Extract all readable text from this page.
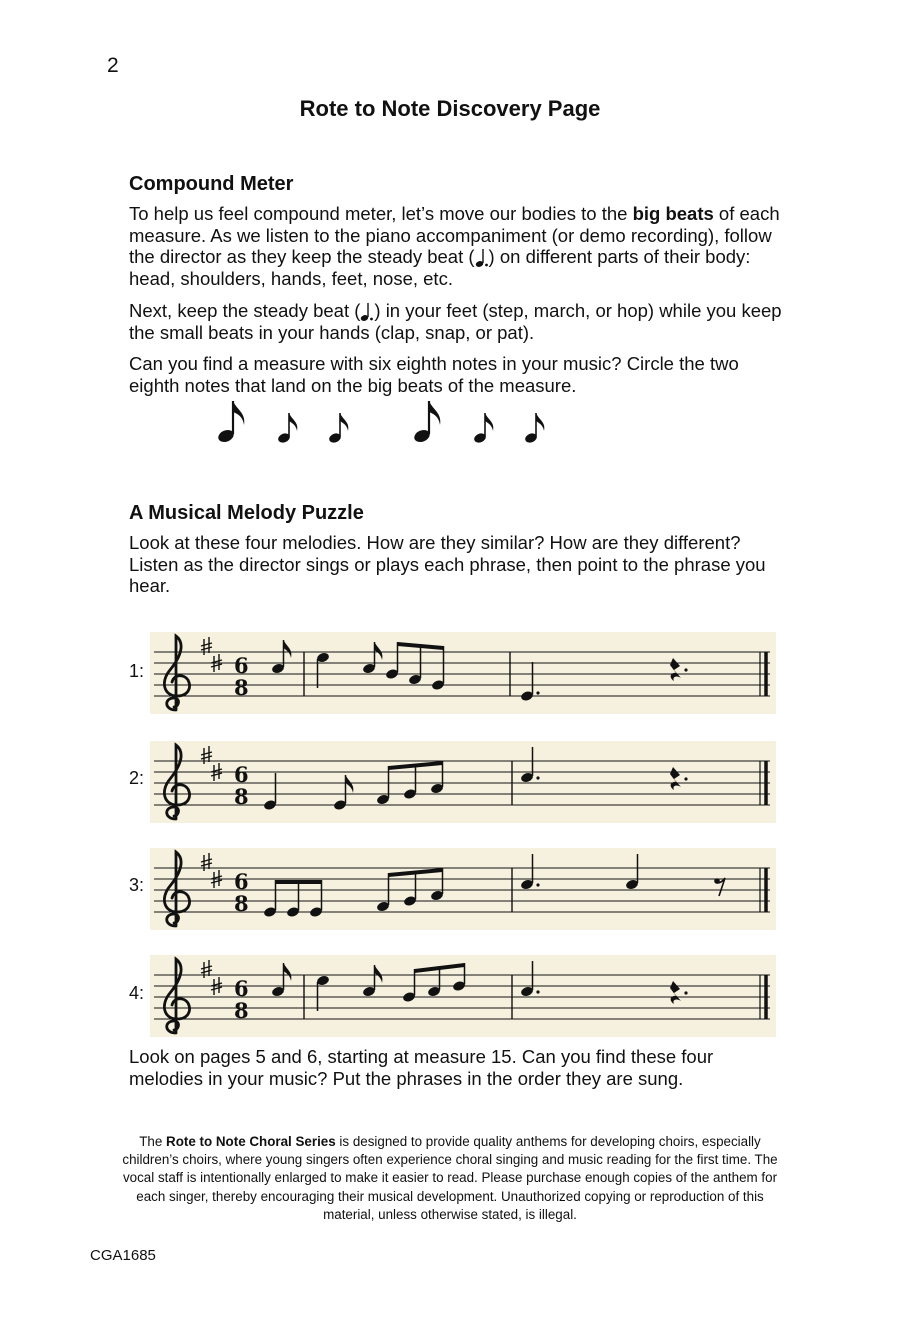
2
Rote to Note Discovery Page
Compound Meter

To help us feel compound meter, let’s move our bodies to the big beats of each measure. As we listen to the piano accompaniment (or demo recording), follow the director as they keep the steady beat ( ) on different parts of their body: head, shoulders, hands, feet, nose, etc.

Next, keep the steady beat ( ) in your feet (step, march, or hop) while you keep the small beats in your hands (clap, snap, or pat).

Can you find a measure with six eighth notes in your music? Circle the two eighth notes that land on the big beats of the measure.

A Musical Melody Puzzle
Look at these four melodies. How are they similar? How are they different? Listen as the director sings or plays each phrase, then point to the phrase you hear.
1:	6
8
2:	6
8
3:	6
8
4:	6
8
Look on pages 5 and 6, starting at measure 15. Can you find these four melodies in your music? Put the phrases in the order they are sung.
The Rote to Note Choral Series is designed to provide quality anthems for developing choirs, especially children’s choirs, where young singers often experience choral singing and music reading for the first time. The vocal staff is intentionally enlarged to make it easier to read. Please purchase enough copies of the anthem for each singer, thereby encouraging their musical development. Unauthorized copying or reproduction of this material, unless otherwise stated, is illegal.
CGA1685
